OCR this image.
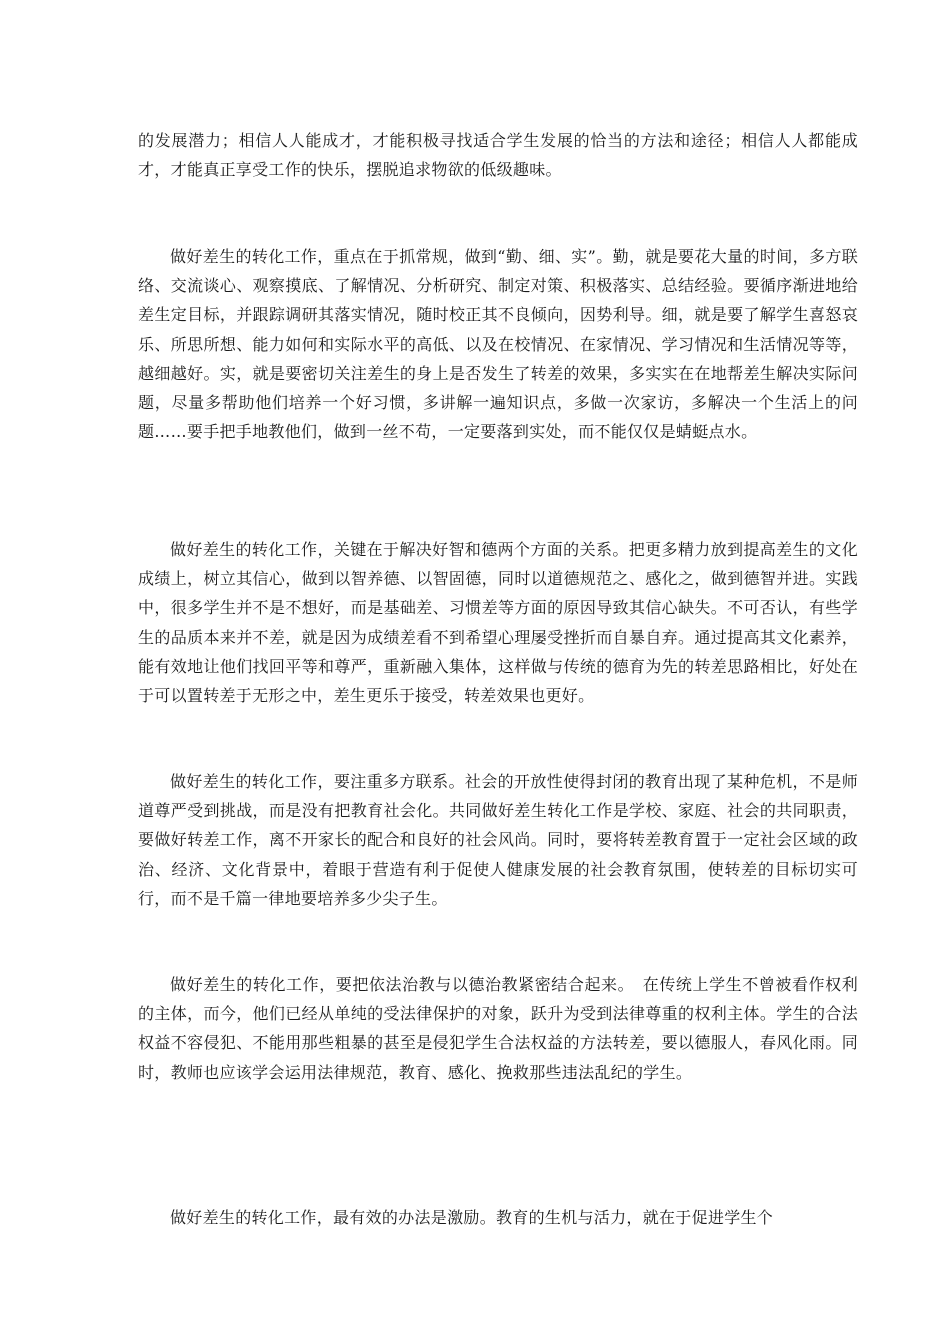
的发展潜力；相信人人能成才，才能积极寻找适合学生发展的恰当的方法和途径；相信人人都能成才，才能真正享受工作的快乐，摆脱追求物欲的低级趣味。

做好差生的转化工作，重点在于抓常规，做到“勤、细、实”。勤，就是要花大量的时间，多方联络、交流谈心、观察摸底、了解情况、分析研究、制定对策、积极落实、总结经验。要循序渐进地给差生定目标，并跟踪调研其落实情况，随时校正其不良倾向，因势利导。细，就是要了解学生喜怒哀乐、所思所想、能力如何和实际水平的高低、以及在校情况、在家情况、学习情况和生活情况等等，越细越好。实，就是要密切关注差生的身上是否发生了转差的效果，多实实在在地帮差生解决实际问题，尽量多帮助他们培养一个好习惯，多讲解一遍知识点，多做一次家访，多解决一个生活上的问题……要手把手地教他们，做到一丝不苟，一定要落到实处，而不能仅仅是蜻蜓点水。

做好差生的转化工作，关键在于解决好智和德两个方面的关系。把更多精力放到提高差生的文化成绩上，树立其信心，做到以智养德、以智固德，同时以道德规范之、感化之，做到德智并进。实践中，很多学生并不是不想好，而是基础差、习惯差等方面的原因导致其信心缺失。不可否认，有些学生的品质本来并不差，就是因为成绩差看不到希望心理屡受挫折而自暴自弃。通过提高其文化素养，能有效地让他们找回平等和尊严，重新融入集体，这样做与传统的德育为先的转差思路相比，好处在于可以置转差于无形之中，差生更乐于接受，转差效果也更好。

做好差生的转化工作，要注重多方联系。社会的开放性使得封闭的教育出现了某种危机，不是师道尊严受到挑战，而是没有把教育社会化。共同做好差生转化工作是学校、家庭、社会的共同职责，要做好转差工作，离不开家长的配合和良好的社会风尚。同时，要将转差教育置于一定社会区域的政治、经济、文化背景中，着眼于营造有利于促使人健康发展的社会教育氛围，使转差的目标切实可行，而不是千篇一律地要培养多少尖子生。

做好差生的转化工作，要把依法治教与以德治教紧密结合起来。　在传统上学生不曾被看作权利的主体，而今，他们已经从单纯的受法律保护的对象，跃升为受到法律尊重的权利主体。学生的合法权益不容侵犯、不能用那些粗暴的甚至是侵犯学生合法权益的方法转差，要以德服人，春风化雨。同时，教师也应该学会运用法律规范，教育、感化、挽救那些违法乱纪的学生。

做好差生的转化工作，最有效的办法是激励。教育的生机与活力，就在于促进学生个
